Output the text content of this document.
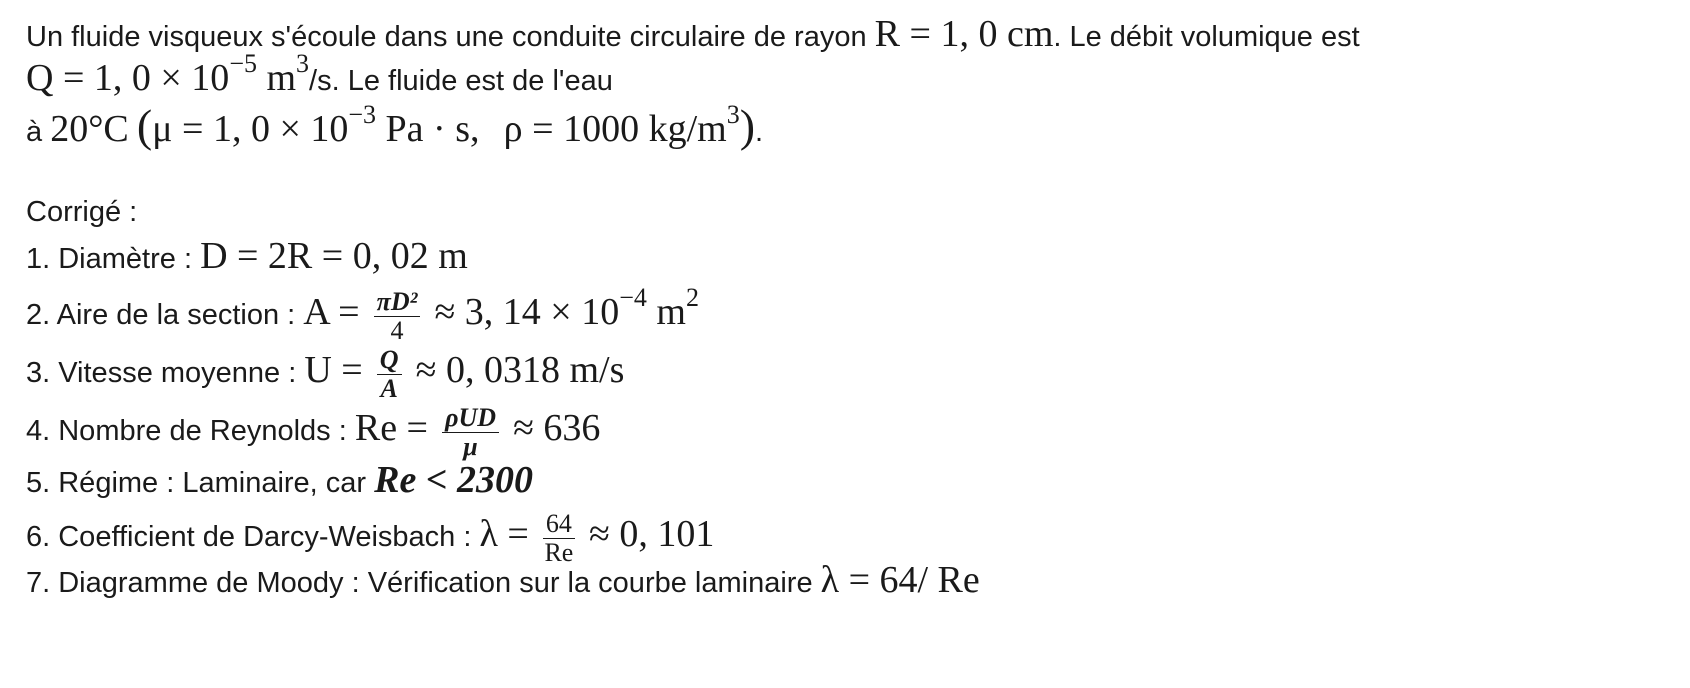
Un fluide visqueux s'écoule dans une conduite circulaire de rayon R = 1, 0 cm. Le débit volumique est
Q = 1, $0 \times 10^{-5}$ $m^3/s$. Le fluide est de l'eau
à 20°C (μ = 1, $0 \times 10^{-3}$ Pa · s, ρ = 1000 $kg/m^3$).
Corrigé :
1. Diamètre : D = 2R = 0, 02 m
2. Aire de la section : $A = \frac{\text{πD²}}{4} \approx 3$, $14 \times 10^{-4}$ $m^2$
3. Vitesse moyenne : $U = \frac{Q}{A} \approx 0$, 0318 m/s
4. Nombre de Reynolds : $Re = \frac{\text{ρUD}}{\mu} \approx 636$
5. Régime : Laminaire, car Re < 2300
6. Coefficient de Darcy-Weisbach : $\lambda = \frac{64}{Re} \approx 0$, 101
7. Diagramme de Moody : Vérification sur la courbe laminaire λ = 64/ Re
